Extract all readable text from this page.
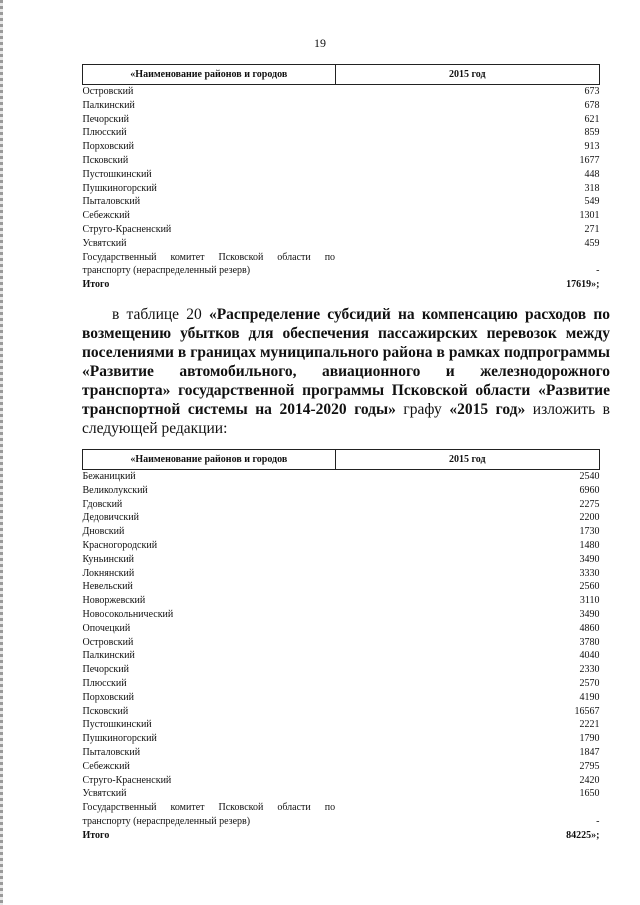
19
«Наименование районов и городов	2015 год
Островский	673
Палкинский	678
Печорский	621
Плюсский	859
Порховский	913
Псковский	1677
Пустошкинский	448
Пушкиногорский	318
Пыталовский	549
Себежский	1301
Струго-Красненский	271
Усвятский	459
Государственный комитет Псковской области по транспорту (нераспределенный резерв)	-
Итого	17619»;
в таблице 20 «Распределение субсидий на компенсацию расходов по возмещению убытков для обеспечения пассажирских перевозок между поселениями в границах муниципального района в рамках подпрограммы «Развитие автомобильного, авиационного и железнодорожного транспорта» государственной программы Псковской области «Развитие транспортной системы на 2014-2020 годы» графу «2015 год» изложить в следующей редакции:
«Наименование районов и городов	2015 год
Бежаницкий	2540
Великолукский	6960
Гдовский	2275
Дедовичский	2200
Дновский	1730
Красногородский	1480
Куньинский	3490
Локнянский	3330
Невельский	2560
Новоржевский	3110
Новосокольнический	3490
Опочецкий	4860
Островский	3780
Палкинский	4040
Печорский	2330
Плюсский	2570
Порховский	4190
Псковский	16567
Пустошкинский	2221
Пушкиногорский	1790
Пыталовский	1847
Себежский	2795
Струго-Красненский	2420
Усвятский	1650
Государственный комитет Псковской области по транспорту (нераспределенный резерв)	-
Итого	84225»;
